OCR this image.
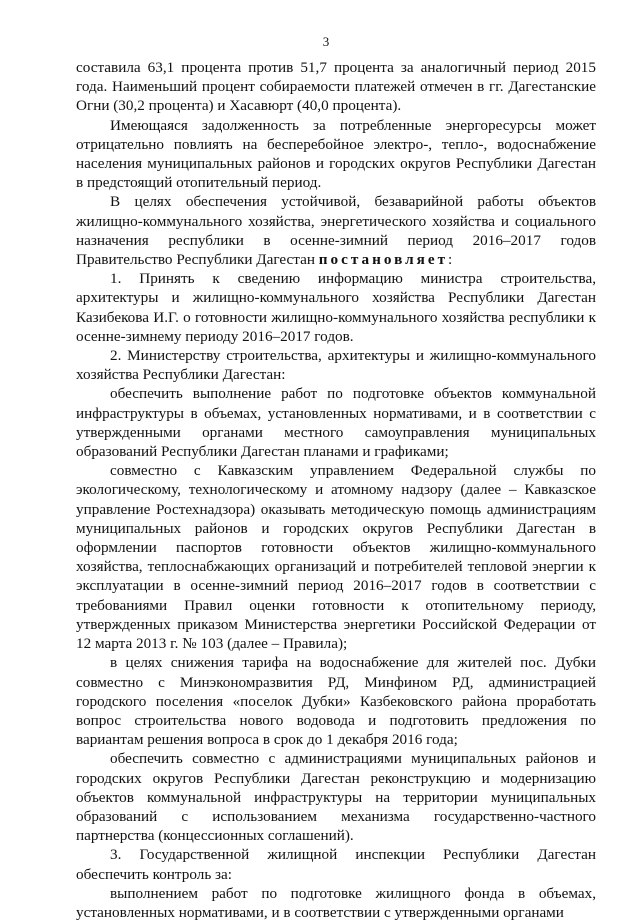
3

составила 63,1 процента против 51,7 процента за аналогичный период 2015 года. Наименьший процент собираемости платежей отмечен в гг. Дагестанские Огни (30,2 процента) и Хасавюрт (40,0 процента).

Имеющаяся задолженность за потребленные энергоресурсы может отрицательно повлиять на бесперебойное электро-, тепло-, водоснабжение населения муниципальных районов и городских округов Республики Дагестан в предстоящий отопительный период.

В целях обеспечения устойчивой, безаварийной работы объектов жилищно-коммунального хозяйства, энергетического хозяйства и социального назначения республики в осенне-зимний период 2016–2017 годов Правительство Республики Дагестан постановляет:

1. Принять к сведению информацию министра строительства, архитектуры и жилищно-коммунального хозяйства Республики Дагестан Казибекова И.Г. о готовности жилищно-коммунального хозяйства республики к осенне-зимнему периоду 2016–2017 годов.

2. Министерству строительства, архитектуры и жилищно-коммунального хозяйства Республики Дагестан:

обеспечить выполнение работ по подготовке объектов коммунальной инфраструктуры в объемах, установленных нормативами, и в соответствии с утвержденными органами местного самоуправления муниципальных образований Республики Дагестан планами и графиками;

совместно с Кавказским управлением Федеральной службы по экологическому, технологическому и атомному надзору (далее – Кавказское управление Ростехнадзора) оказывать методическую помощь администрациям муниципальных районов и городских округов Республики Дагестан в оформлении паспортов готовности объектов жилищно-коммунального хозяйства, теплоснабжающих организаций и потребителей тепловой энергии к эксплуатации в осенне-зимний период 2016–2017 годов в соответствии с требованиями Правил оценки готовности к отопительному периоду, утвержденных приказом Министерства энергетики Российской Федерации от 12 марта 2013 г. № 103 (далее – Правила);

в целях снижения тарифа на водоснабжение для жителей пос. Дубки совместно с Минэкономразвития РД, Минфином РД, администрацией городского поселения «поселок Дубки» Казбековского района проработать вопрос строительства нового водовода и подготовить предложения по вариантам решения вопроса в срок до 1 декабря 2016 года;

обеспечить совместно с администрациями муниципальных районов и городских округов Республики Дагестан реконструкцию и модернизацию объектов коммунальной инфраструктуры на территории муниципальных образований с использованием механизма государственно-частного партнерства (концессионных соглашений).

3. Государственной жилищной инспекции Республики Дагестан обеспечить контроль за:

выполнением работ по подготовке жилищного фонда в объемах, установленных нормативами, и в соответствии с утвержденными органами
